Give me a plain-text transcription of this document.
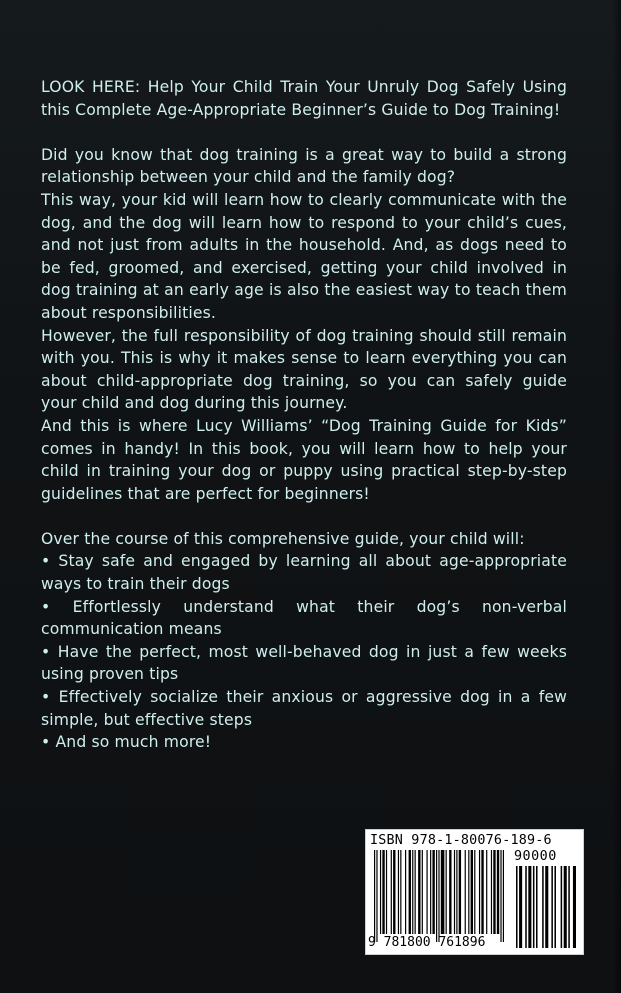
LOOK HERE: Help Your Child Train Your Unruly Dog Safely Using this Complete Age-Appropriate Beginner’s Guide to Dog Training!

Did you know that dog training is a great way to build a strong relationship between your child and the family dog?

This way, your kid will learn how to clearly communicate with the dog, and the dog will learn how to respond to your child’s cues, and not just from adults in the household. And, as dogs need to be fed, groomed, and exercised, getting your child involved in dog training at an early age is also the easiest way to teach them about responsibilities.

However, the full responsibility of dog training should still remain with you. This is why it makes sense to learn everything you can about child-appropriate dog training, so you can safely guide your child and dog during this journey.

And this is where Lucy Williams’ “Dog Training Guide for Kids” comes in handy! In this book, you will learn how to help your child in training your dog or puppy using practical step-by-step guidelines that are perfect for beginners!

Over the course of this comprehensive guide, your child will:

• Stay safe and engaged by learning all about age-appropriate ways to train their dogs

• Effortlessly understand what their dog’s non-verbal communication means

• Have the perfect, most well-behaved dog in just a few weeks using proven tips

• Effectively socialize their anxious or aggressive dog in a few simple, but effective steps

• And so much more!

ISBN 978-1-80076-189-6
90000
9 781800 761896
